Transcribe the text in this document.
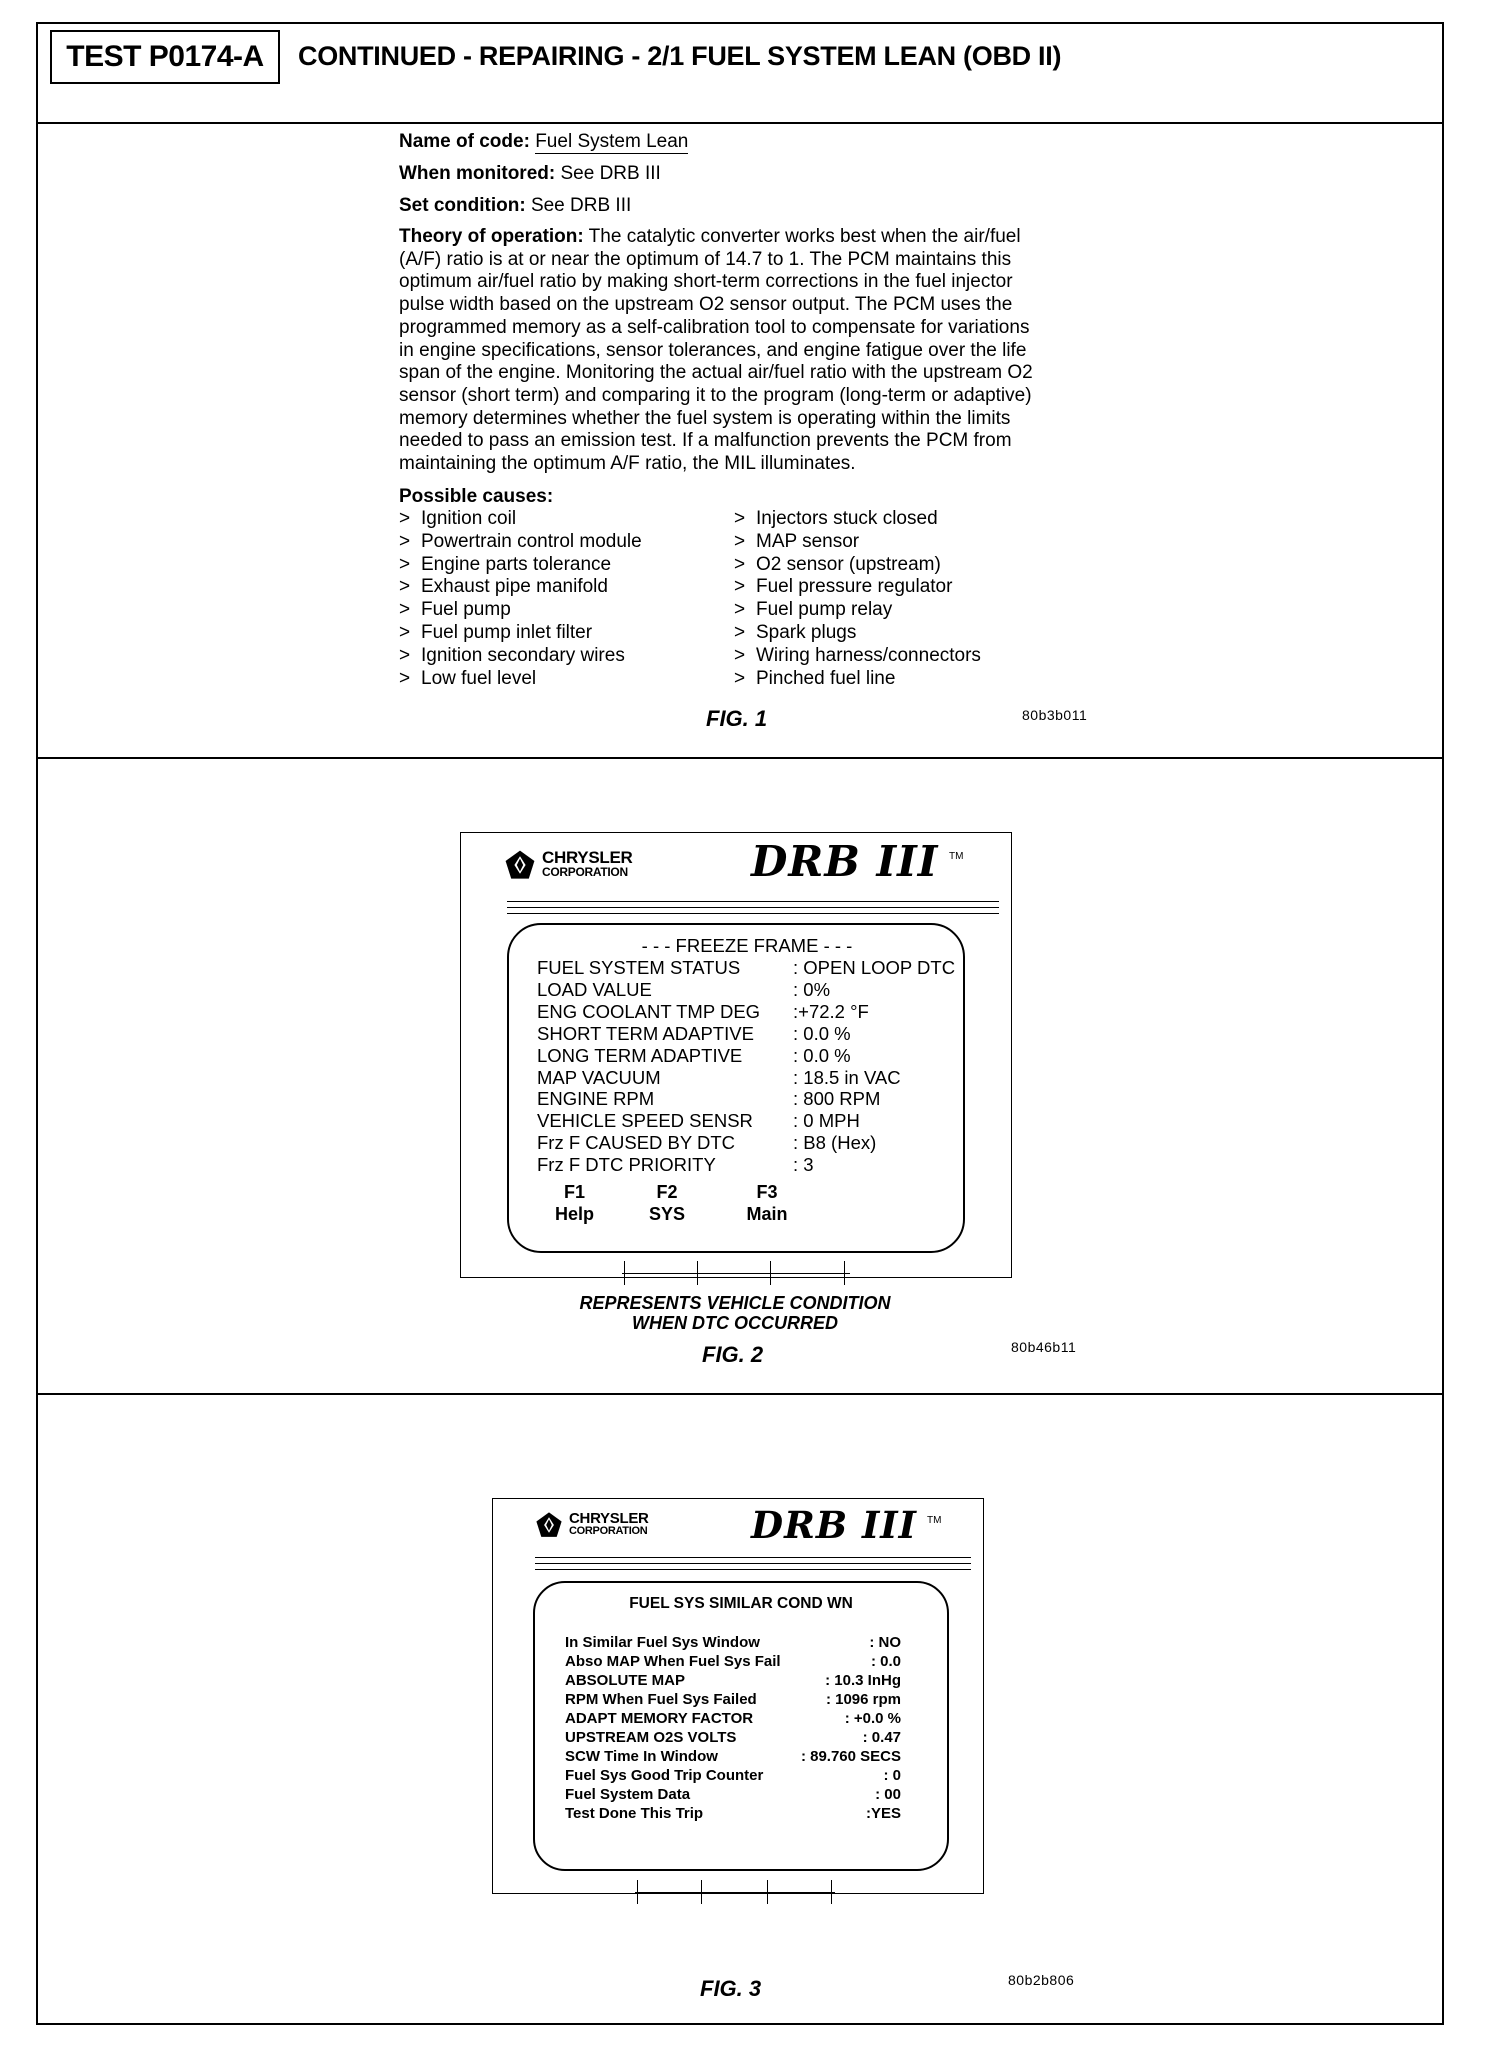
TEST P0174-A	CONTINUED - REPAIRING - 2/1 FUEL SYSTEM LEAN (OBD II)
Name of code: Fuel System Lean
When monitored: See DRB III
Set condition: See DRB III
Theory of operation: The catalytic converter works best when the air/fuel
(A/F) ratio is at or near the optimum of 14.7 to 1. The PCM maintains this
optimum air/fuel ratio by making short-term corrections in the fuel injector
pulse width based on the upstream O2 sensor output. The PCM uses the
programmed memory as a self-calibration tool to compensate for variations
in engine specifications, sensor tolerances, and engine fatigue over the life
span of the engine. Monitoring the actual air/fuel ratio with the upstream O2
sensor (short term) and comparing it to the program (long-term or adaptive)
memory determines whether the fuel system is operating within the limits
needed to pass an emission test. If a malfunction prevents the PCM from
maintaining the optimum A/F ratio, the MIL illuminates.
Possible causes:
> Ignition coil
> Powertrain control module
> Engine parts tolerance
> Exhaust pipe manifold
> Fuel pump
> Fuel pump inlet filter
> Ignition secondary wires
> Low fuel level
> Injectors stuck closed
> MAP sensor
> O2 sensor (upstream)
> Fuel pressure regulator
> Fuel pump relay
> Spark plugs
> Wiring harness/connectors
> Pinched fuel line
FIG. 1	80b3b011
CHRYSLER
CORPORATION	DRB III TM
- - - FREEZE FRAME - - -
FUEL SYSTEM STATUS	: OPEN LOOP DTC
LOAD VALUE	: 0%
ENG COOLANT TMP DEG	:+72.2 °F
SHORT TERM ADAPTIVE	: 0.0 %
LONG TERM ADAPTIVE	: 0.0 %
MAP VACUUM	: 18.5 in VAC
ENGINE RPM	: 800 RPM
VEHICLE SPEED SENSR	: 0 MPH
Frz F CAUSED BY DTC	: B8 (Hex)
Frz F DTC PRIORITY	: 3
F1
Help
F2
SYS
F3
Main
REPRESENTS VEHICLE CONDITION
WHEN DTC OCCURRED
FIG. 2	80b46b11
CHRYSLER
CORPORATION	DRB III TM
FUEL SYS SIMILAR COND WN
In Similar Fuel Sys Window	: NO
Abso MAP When Fuel Sys Fail	: 0.0
ABSOLUTE MAP	: 10.3 InHg
RPM When Fuel Sys Failed	: 1096 rpm
ADAPT MEMORY FACTOR	: +0.0 %
UPSTREAM O2S VOLTS	: 0.47
SCW Time In Window	: 89.760 SECS
Fuel Sys Good Trip Counter	: 0
Fuel System Data	: 00
Test Done This Trip	:YES
FIG. 3	80b2b806
